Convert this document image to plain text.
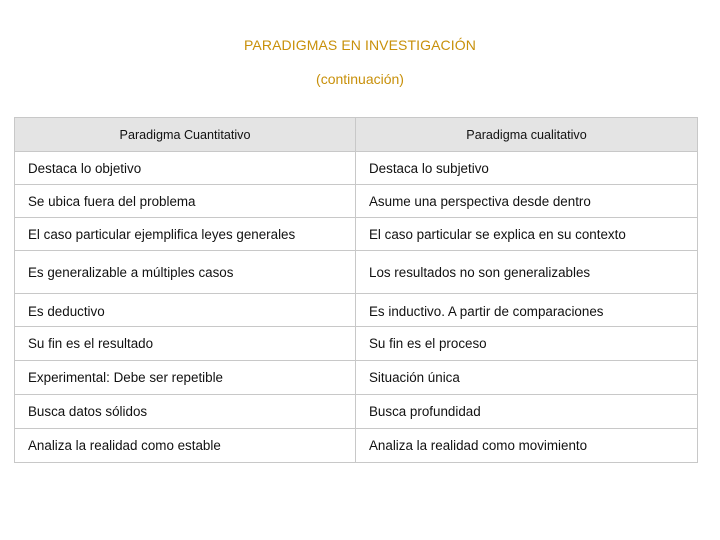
PARADIGMAS EN INVESTIGACIÓN
(continuación)
Paradigma Cuantitativo	Paradigma cualitativo
Destaca lo objetivo	Destaca lo subjetivo
Se ubica fuera del problema	Asume una perspectiva desde dentro
El caso particular ejemplifica leyes generales	El caso particular se explica en su contexto
Es generalizable a múltiples casos	Los resultados no son generalizables
Es deductivo	Es inductivo. A partir de comparaciones
Su fin es el resultado	Su fin es el proceso
Experimental: Debe ser repetible	Situación única
Busca datos sólidos	Busca profundidad
Analiza la realidad como estable	Analiza la realidad como movimiento
